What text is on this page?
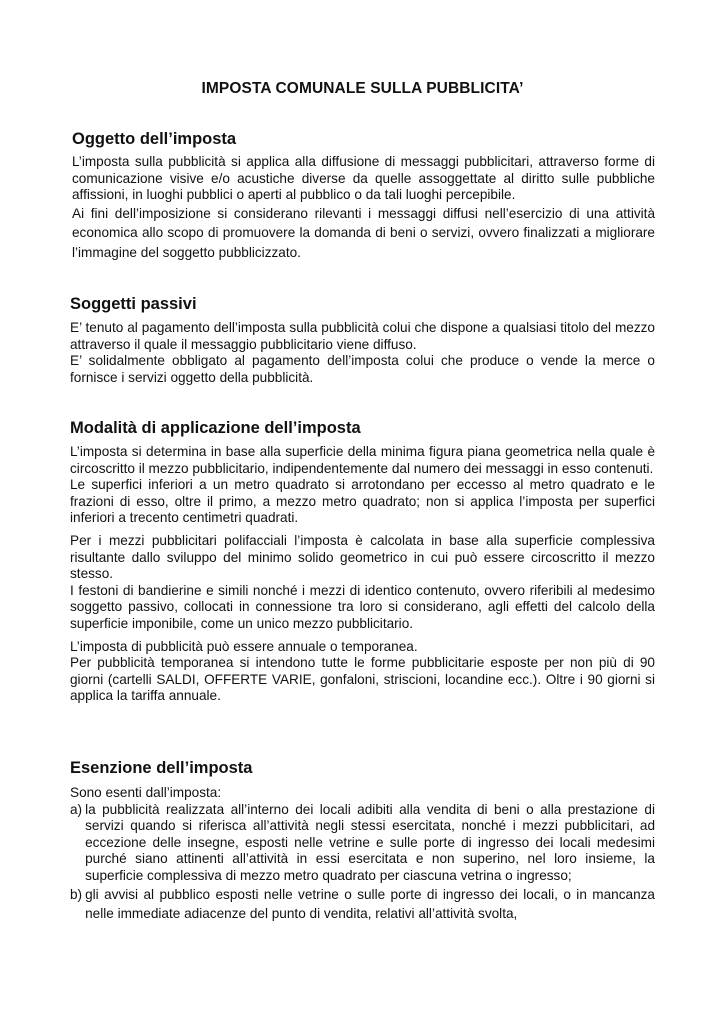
IMPOSTA COMUNALE SULLA PUBBLICITA’
Oggetto dell’imposta

L’imposta sulla pubblicità si applica alla diffusione di messaggi pubblicitari, attraverso forme di comunicazione visive e/o acustiche diverse da quelle assoggettate al diritto sulle pubbliche affissioni, in luoghi pubblici o aperti al pubblico o da tali luoghi percepibile.

Ai fini dell’imposizione si considerano rilevanti i messaggi diffusi nell’esercizio di una attività economica allo scopo di promuovere la domanda di beni o servizi, ovvero finalizzati a migliorare l’immagine del soggetto pubblicizzato.

Soggetti passivi

E’ tenuto al pagamento dell’imposta sulla pubblicità colui che dispone a qualsiasi titolo del mezzo attraverso il quale il messaggio pubblicitario viene diffuso.

E’ solidalmente obbligato al pagamento dell’imposta colui che produce o vende la merce o fornisce i servizi oggetto della pubblicità.

Modalità di applicazione dell’imposta

L’imposta si determina in base alla superficie della minima figura piana geometrica nella quale è circoscritto il mezzo pubblicitario, indipendentemente dal numero dei messaggi in esso contenuti.

Le superfici inferiori a un metro quadrato si arrotondano per eccesso al metro quadrato e le frazioni di esso, oltre il primo, a mezzo metro quadrato; non si applica l’imposta per superfici inferiori a trecento centimetri quadrati.

Per i mezzi pubblicitari polifacciali l’imposta è calcolata in base alla superficie complessiva risultante dallo sviluppo del minimo solido geometrico in cui può essere circoscritto il mezzo stesso.

I festoni di bandierine e simili nonché i mezzi di identico contenuto, ovvero riferibili al medesimo soggetto passivo, collocati in connessione tra loro si considerano, agli effetti del calcolo della superficie imponibile, come un unico mezzo pubblicitario.

L’imposta di pubblicità può essere annuale o temporanea.

Per pubblicità temporanea si intendono tutte le forme pubblicitarie esposte per non più di 90 giorni (cartelli SALDI, OFFERTE VARIE, gonfaloni, striscioni, locandine ecc.). Oltre i 90 giorni si applica la tariffa annuale.

Esenzione dell’imposta

Sono esenti dall’imposta:

a) la pubblicità realizzata all’interno dei locali adibiti alla vendita di beni o alla prestazione di servizi quando si riferisca all’attività negli stessi esercitata, nonché i mezzi pubblicitari, ad eccezione delle insegne, esposti nelle vetrine e sulle porte di ingresso dei locali medesimi purché siano attinenti all’attività in essi esercitata e non superino, nel loro insieme, la superficie complessiva di mezzo metro quadrato per ciascuna vetrina o ingresso;
b) gli avvisi al pubblico esposti nelle vetrine o sulle porte di ingresso dei locali, o in mancanza nelle immediate adiacenze del punto di vendita, relativi all’attività svolta,
